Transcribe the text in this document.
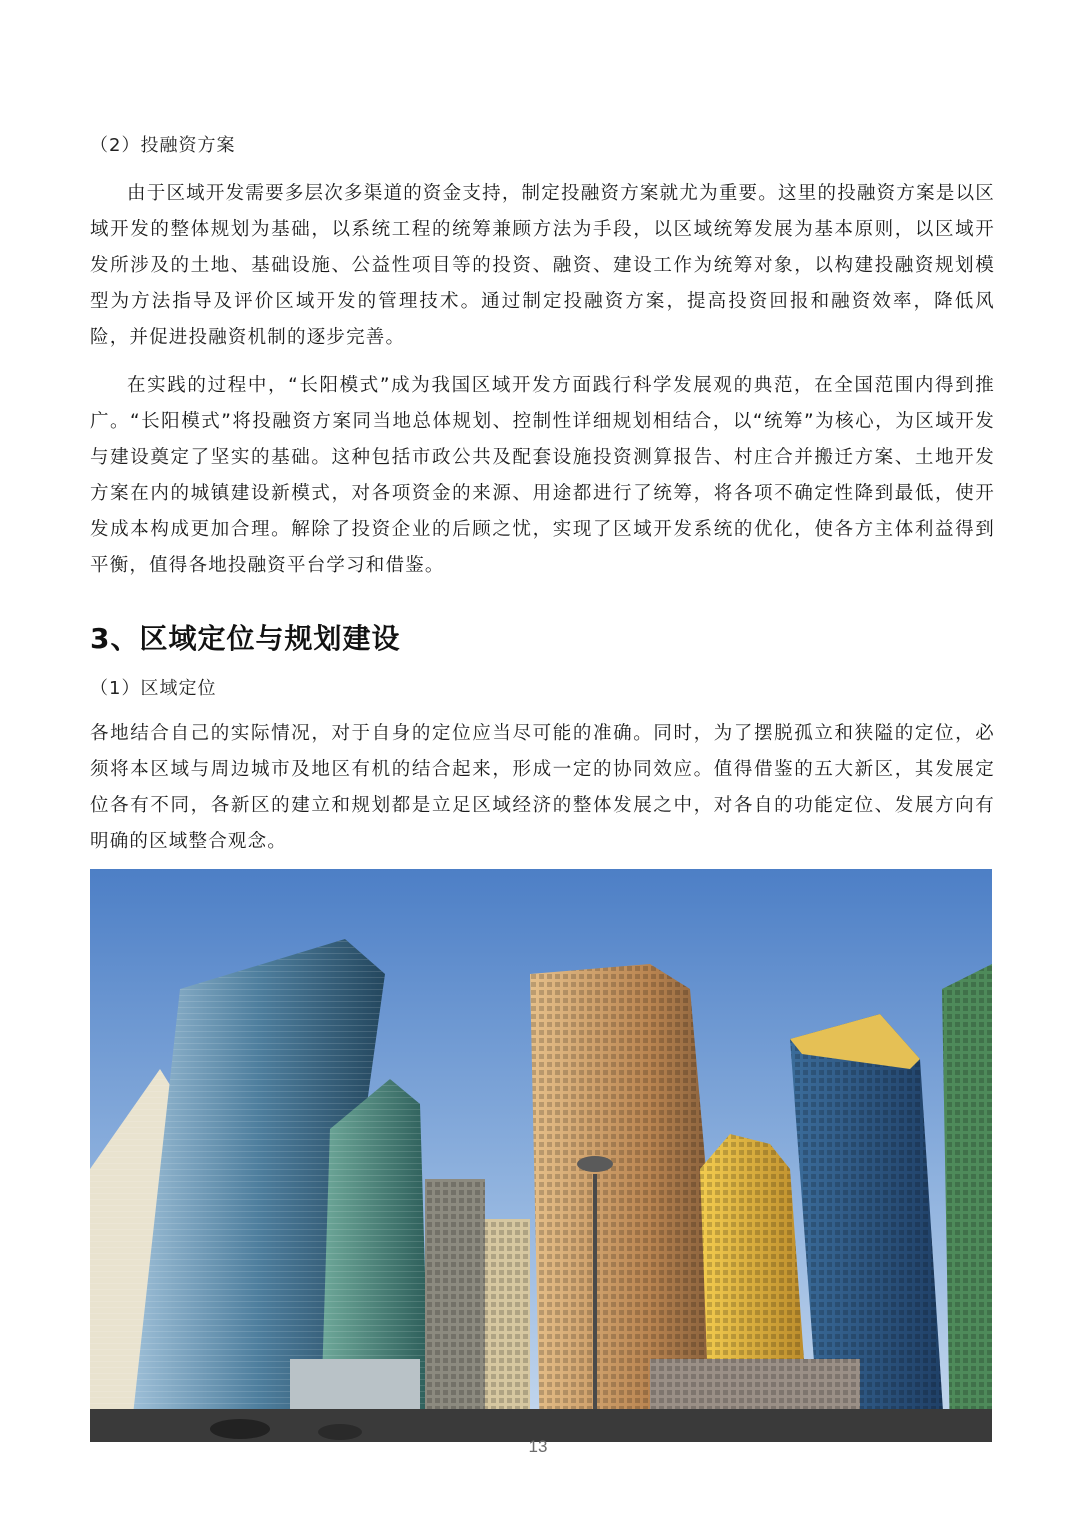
（2）投融资方案

由于区域开发需要多层次多渠道的资金支持，制定投融资方案就尤为重要。这里的投融资方案是以区域开发的整体规划为基础，以系统工程的统筹兼顾方法为手段，以区域统筹发展为基本原则，以区域开发所涉及的土地、基础设施、公益性项目等的投资、融资、建设工作为统筹对象，以构建投融资规划模型为方法指导及评价区域开发的管理技术。通过制定投融资方案，提高投资回报和融资效率，降低风险，并促进投融资机制的逐步完善。

在实践的过程中，“长阳模式”成为我国区域开发方面践行科学发展观的典范，在全国范围内得到推广。“长阳模式”将投融资方案同当地总体规划、控制性详细规划相结合，以“统筹”为核心，为区域开发与建设奠定了坚实的基础。这种包括市政公共及配套设施投资测算报告、村庄合并搬迁方案、土地开发方案在内的城镇建设新模式，对各项资金的来源、用途都进行了统筹，将各项不确定性降到最低，使开发成本构成更加合理。解除了投资企业的后顾之忧，实现了区域开发系统的优化，使各方主体利益得到平衡，值得各地投融资平台学习和借鉴。

3、区域定位与规划建设
（1）区域定位

各地结合自己的实际情况，对于自身的定位应当尽可能的准确。同时，为了摆脱孤立和狭隘的定位，必须将本区域与周边城市及地区有机的结合起来，形成一定的协同效应。值得借鉴的五大新区，其发展定位各有不同，各新区的建立和规划都是立足区域经济的整体发展之中，对各自的功能定位、发展方向有明确的区域整合观念。

13
